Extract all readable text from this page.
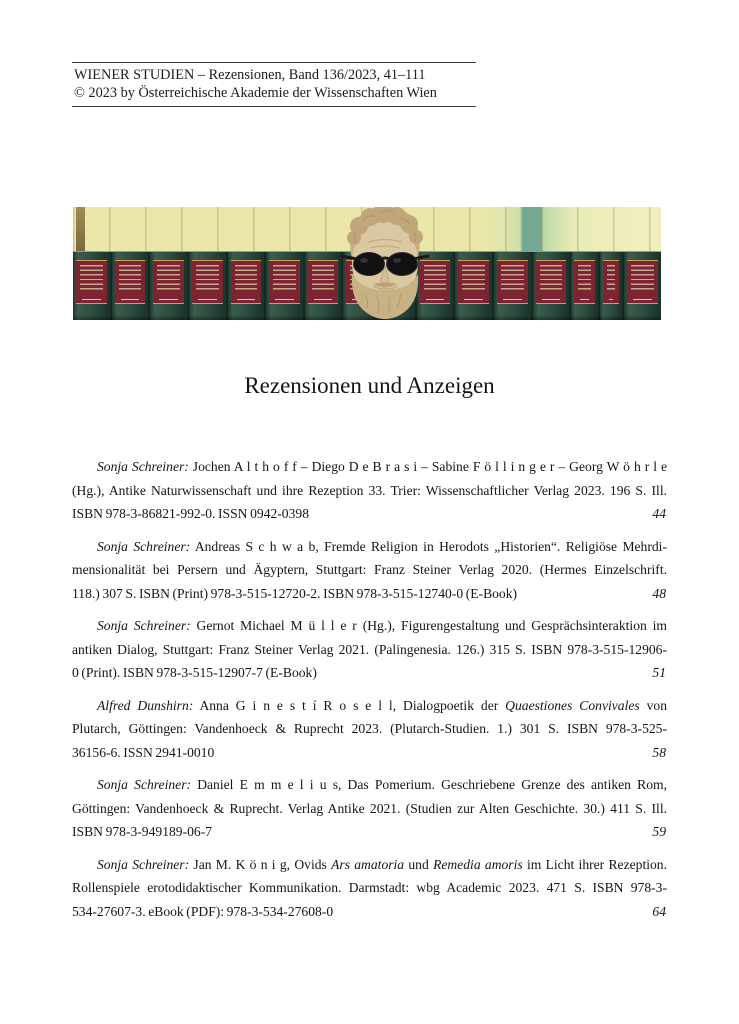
WIENER STUDIEN – Rezensionen, Band 136/2023, 41–111
© 2023 by Österreichische Akademie der Wissenschaften Wien
Rezensionen und Anzeigen
Sonja Schreiner: Jochen A l t h o f f – Diego D e B r a s i – Sabine F ö l l i n g e r – Georg W ö h r l e
(Hg.), Antike Naturwissenschaft und ihre Rezeption 33. Trier: Wissenschaftlicher Verlag 2023. 196 S. Ill.
ISBN 978-3-86821-992-0. ISSN 0942-0398	44
Sonja Schreiner: Andreas S c h w a b, Fremde Religion in Herodots „Historien“. Religiöse Mehrdi-
mensionalität bei Persern und Ägyptern, Stuttgart: Franz Steiner Verlag 2020. (Hermes Einzelschrift.
118.) 307 S. ISBN (Print) 978-3-515-12720-2. ISBN 978-3-515-12740-0 (E-Book)	48
Sonja Schreiner: Gernot Michael M ü l l e r (Hg.), Figurengestaltung und Gesprächsinteraktion im
antiken Dialog, Stuttgart: Franz Steiner Verlag 2021. (Palingenesia. 126.) 315 S. ISBN 978-3-515-12906-
0 (Print). ISBN 978-3-515-12907-7 (E-Book)	51
Alfred Dunshirn: Anna G i n e s t í R o s e l l, Dialogpoetik der Quaestiones Convivales von
Plutarch, Göttingen: Vandenhoeck & Ruprecht 2023. (Plutarch-Studien. 1.) 301 S. ISBN 978-3-525-
36156-6. ISSN 2941-0010	58
Sonja Schreiner: Daniel E m m e l i u s, Das Pomerium. Geschriebene Grenze des antiken Rom,
Göttingen: Vandenhoeck & Ruprecht. Verlag Antike 2021. (Studien zur Alten Geschichte. 30.) 411 S. Ill.
ISBN 978-3-949189-06-7	59
Sonja Schreiner: Jan M. K ö n i g, Ovids Ars amatoria und Remedia amoris im Licht ihrer Rezeption.
Rollenspiele erotodidaktischer Kommunikation. Darmstadt: wbg Academic 2023. 471 S. ISBN 978-3-
534-27607-3. eBook (PDF): 978-3-534-27608-0	64
